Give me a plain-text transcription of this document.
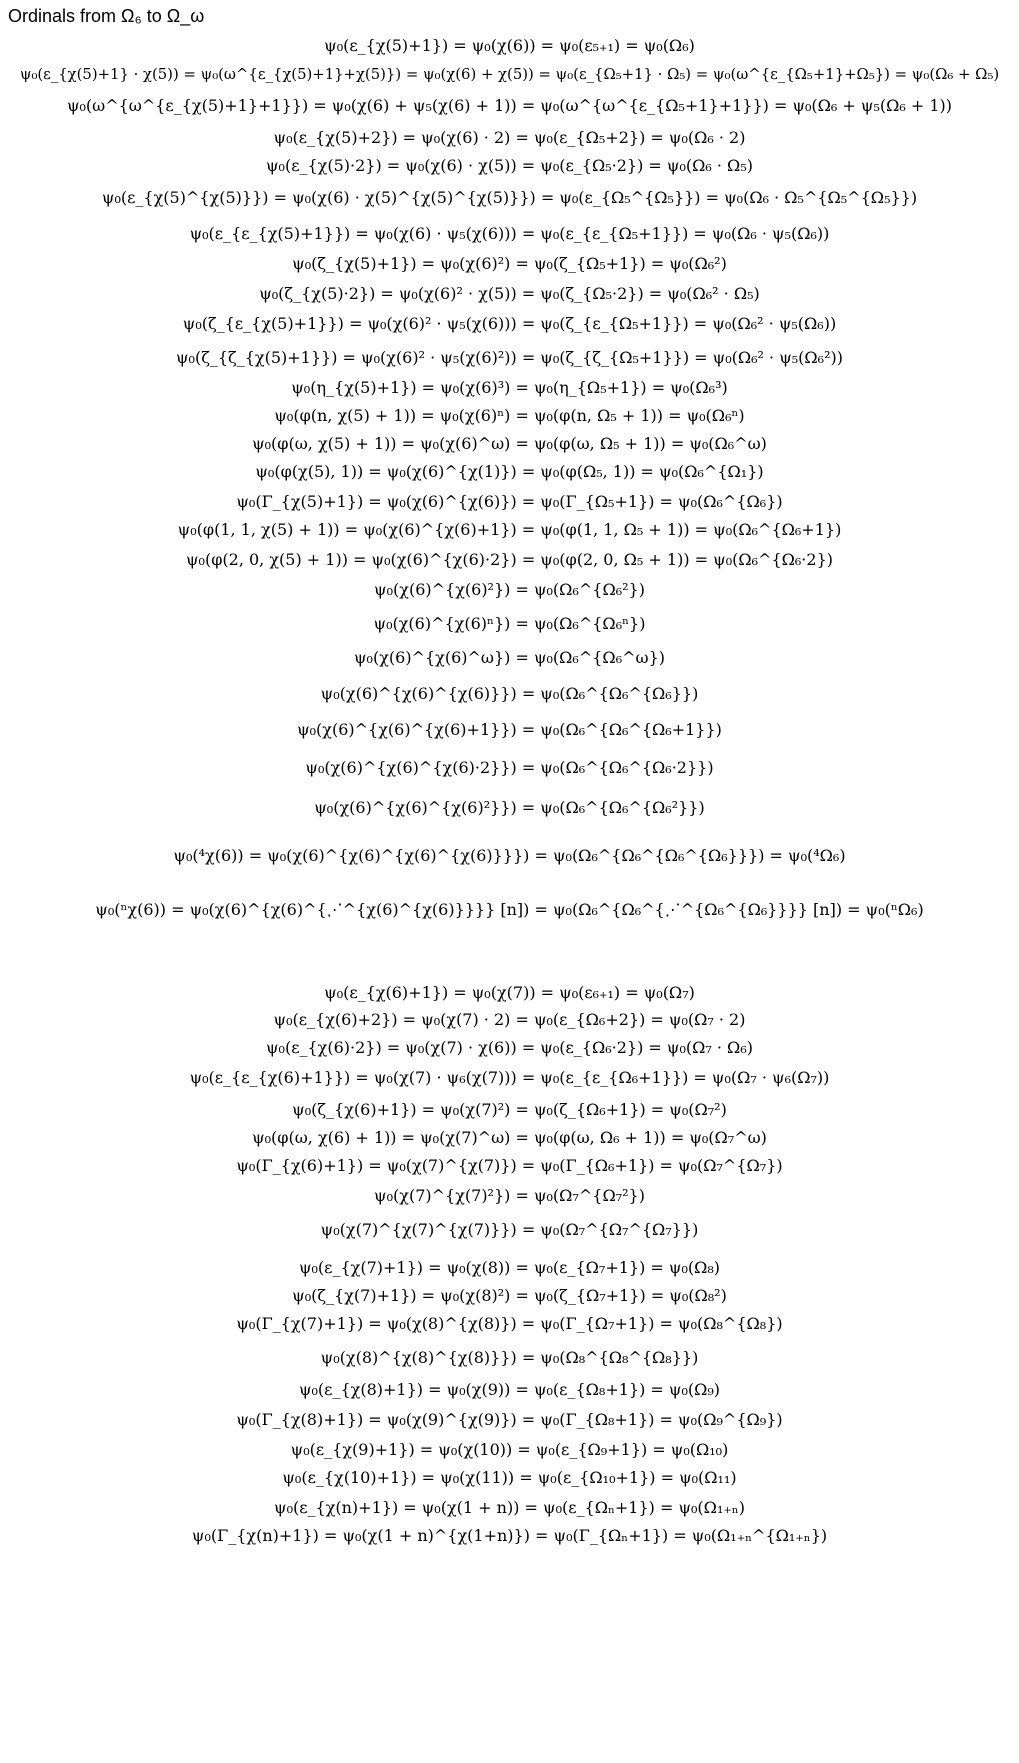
Ordinals from Ω₆ to Ω_ω
ψ₀(ε_{χ(5)+1}) = ψ₀(χ(6)) = ψ₀(ε₅₊₁) = ψ₀(Ω₆)
ψ₀(ε_{χ(5)+1} · χ(5)) = ψ₀(ω^{ε_{χ(5)+1}+χ(5)}) = ψ₀(χ(6) + χ(5)) = ψ₀(ε_{Ω₅+1} · Ω₅) = ψ₀(ω^{ε_{Ω₅+1}+Ω₅}) = ψ₀(Ω₆ + Ω₅)
ψ₀(ω^{ω^{ε_{χ(5)+1}+1}}) = ψ₀(χ(6) + ψ₅(χ(6) + 1)) = ψ₀(ω^{ω^{ε_{Ω₅+1}+1}}) = ψ₀(Ω₆ + ψ₅(Ω₆ + 1))
ψ₀(ε_{χ(5)+2}) = ψ₀(χ(6) · 2) = ψ₀(ε_{Ω₅+2}) = ψ₀(Ω₆ · 2)
ψ₀(ε_{χ(5)·2}) = ψ₀(χ(6) · χ(5)) = ψ₀(ε_{Ω₅·2}) = ψ₀(Ω₆ · Ω₅)
ψ₀(ε_{χ(5)^{χ(5)}}) = ψ₀(χ(6) · χ(5)^{χ(5)^{χ(5)}}) = ψ₀(ε_{Ω₅^{Ω₅}}) = ψ₀(Ω₆ · Ω₅^{Ω₅^{Ω₅}})
ψ₀(ε_{ε_{χ(5)+1}}) = ψ₀(χ(6) · ψ₅(χ(6))) = ψ₀(ε_{ε_{Ω₅+1}}) = ψ₀(Ω₆ · ψ₅(Ω₆))
ψ₀(ζ_{χ(5)+1}) = ψ₀(χ(6)²) = ψ₀(ζ_{Ω₅+1}) = ψ₀(Ω₆²)
ψ₀(ζ_{χ(5)·2}) = ψ₀(χ(6)² · χ(5)) = ψ₀(ζ_{Ω₅·2}) = ψ₀(Ω₆² · Ω₅)
ψ₀(ζ_{ε_{χ(5)+1}}) = ψ₀(χ(6)² · ψ₅(χ(6))) = ψ₀(ζ_{ε_{Ω₅+1}}) = ψ₀(Ω₆² · ψ₅(Ω₆))
ψ₀(ζ_{ζ_{χ(5)+1}}) = ψ₀(χ(6)² · ψ₅(χ(6)²)) = ψ₀(ζ_{ζ_{Ω₅+1}}) = ψ₀(Ω₆² · ψ₅(Ω₆²))
ψ₀(η_{χ(5)+1}) = ψ₀(χ(6)³) = ψ₀(η_{Ω₅+1}) = ψ₀(Ω₆³)
ψ₀(φ(n, χ(5) + 1)) = ψ₀(χ(6)ⁿ) = ψ₀(φ(n, Ω₅ + 1)) = ψ₀(Ω₆ⁿ)
ψ₀(φ(ω, χ(5) + 1)) = ψ₀(χ(6)^ω) = ψ₀(φ(ω, Ω₅ + 1)) = ψ₀(Ω₆^ω)
ψ₀(φ(χ(5), 1)) = ψ₀(χ(6)^{χ(1)}) = ψ₀(φ(Ω₅, 1)) = ψ₀(Ω₆^{Ω₁})
ψ₀(Γ_{χ(5)+1}) = ψ₀(χ(6)^{χ(6)}) = ψ₀(Γ_{Ω₅+1}) = ψ₀(Ω₆^{Ω₆})
ψ₀(φ(1, 1, χ(5) + 1)) = ψ₀(χ(6)^{χ(6)+1}) = ψ₀(φ(1, 1, Ω₅ + 1)) = ψ₀(Ω₆^{Ω₆+1})
ψ₀(φ(2, 0, χ(5) + 1)) = ψ₀(χ(6)^{χ(6)·2}) = ψ₀(φ(2, 0, Ω₅ + 1)) = ψ₀(Ω₆^{Ω₆·2})
ψ₀(χ(6)^{χ(6)²}) = ψ₀(Ω₆^{Ω₆²})
ψ₀(χ(6)^{χ(6)ⁿ}) = ψ₀(Ω₆^{Ω₆ⁿ})
ψ₀(χ(6)^{χ(6)^ω}) = ψ₀(Ω₆^{Ω₆^ω})
ψ₀(χ(6)^{χ(6)^{χ(6)}}) = ψ₀(Ω₆^{Ω₆^{Ω₆}})
ψ₀(χ(6)^{χ(6)^{χ(6)+1}}) = ψ₀(Ω₆^{Ω₆^{Ω₆+1}})
ψ₀(χ(6)^{χ(6)^{χ(6)·2}}) = ψ₀(Ω₆^{Ω₆^{Ω₆·2}})
ψ₀(χ(6)^{χ(6)^{χ(6)²}}) = ψ₀(Ω₆^{Ω₆^{Ω₆²}})
ψ₀(⁴χ(6)) = ψ₀(χ(6)^{χ(6)^{χ(6)^{χ(6)}}}) = ψ₀(Ω₆^{Ω₆^{Ω₆^{Ω₆}}}) = ψ₀(⁴Ω₆)
ψ₀(ⁿχ(6)) = ψ₀(χ(6)^{χ(6)^{⋰^{χ(6)^{χ(6)}}}} [n]) = ψ₀(Ω₆^{Ω₆^{⋰^{Ω₆^{Ω₆}}}} [n]) = ψ₀(ⁿΩ₆)
ψ₀(ε_{χ(6)+1}) = ψ₀(χ(7)) = ψ₀(ε₆₊₁) = ψ₀(Ω₇)
ψ₀(ε_{χ(6)+2}) = ψ₀(χ(7) · 2) = ψ₀(ε_{Ω₆+2}) = ψ₀(Ω₇ · 2)
ψ₀(ε_{χ(6)·2}) = ψ₀(χ(7) · χ(6)) = ψ₀(ε_{Ω₆·2}) = ψ₀(Ω₇ · Ω₆)
ψ₀(ε_{ε_{χ(6)+1}}) = ψ₀(χ(7) · ψ₆(χ(7))) = ψ₀(ε_{ε_{Ω₆+1}}) = ψ₀(Ω₇ · ψ₆(Ω₇))
ψ₀(ζ_{χ(6)+1}) = ψ₀(χ(7)²) = ψ₀(ζ_{Ω₆+1}) = ψ₀(Ω₇²)
ψ₀(φ(ω, χ(6) + 1)) = ψ₀(χ(7)^ω) = ψ₀(φ(ω, Ω₆ + 1)) = ψ₀(Ω₇^ω)
ψ₀(Γ_{χ(6)+1}) = ψ₀(χ(7)^{χ(7)}) = ψ₀(Γ_{Ω₆+1}) = ψ₀(Ω₇^{Ω₇})
ψ₀(χ(7)^{χ(7)²}) = ψ₀(Ω₇^{Ω₇²})
ψ₀(χ(7)^{χ(7)^{χ(7)}}) = ψ₀(Ω₇^{Ω₇^{Ω₇}})
ψ₀(ε_{χ(7)+1}) = ψ₀(χ(8)) = ψ₀(ε_{Ω₇+1}) = ψ₀(Ω₈)
ψ₀(ζ_{χ(7)+1}) = ψ₀(χ(8)²) = ψ₀(ζ_{Ω₇+1}) = ψ₀(Ω₈²)
ψ₀(Γ_{χ(7)+1}) = ψ₀(χ(8)^{χ(8)}) = ψ₀(Γ_{Ω₇+1}) = ψ₀(Ω₈^{Ω₈})
ψ₀(χ(8)^{χ(8)^{χ(8)}}) = ψ₀(Ω₈^{Ω₈^{Ω₈}})
ψ₀(ε_{χ(8)+1}) = ψ₀(χ(9)) = ψ₀(ε_{Ω₈+1}) = ψ₀(Ω₉)
ψ₀(Γ_{χ(8)+1}) = ψ₀(χ(9)^{χ(9)}) = ψ₀(Γ_{Ω₈+1}) = ψ₀(Ω₉^{Ω₉})
ψ₀(ε_{χ(9)+1}) = ψ₀(χ(10)) = ψ₀(ε_{Ω₉+1}) = ψ₀(Ω₁₀)
ψ₀(ε_{χ(10)+1}) = ψ₀(χ(11)) = ψ₀(ε_{Ω₁₀+1}) = ψ₀(Ω₁₁)
ψ₀(ε_{χ(n)+1}) = ψ₀(χ(1 + n)) = ψ₀(ε_{Ωₙ+1}) = ψ₀(Ω₁₊ₙ)
ψ₀(Γ_{χ(n)+1}) = ψ₀(χ(1 + n)^{χ(1+n)}) = ψ₀(Γ_{Ωₙ+1}) = ψ₀(Ω₁₊ₙ^{Ω₁₊ₙ})
